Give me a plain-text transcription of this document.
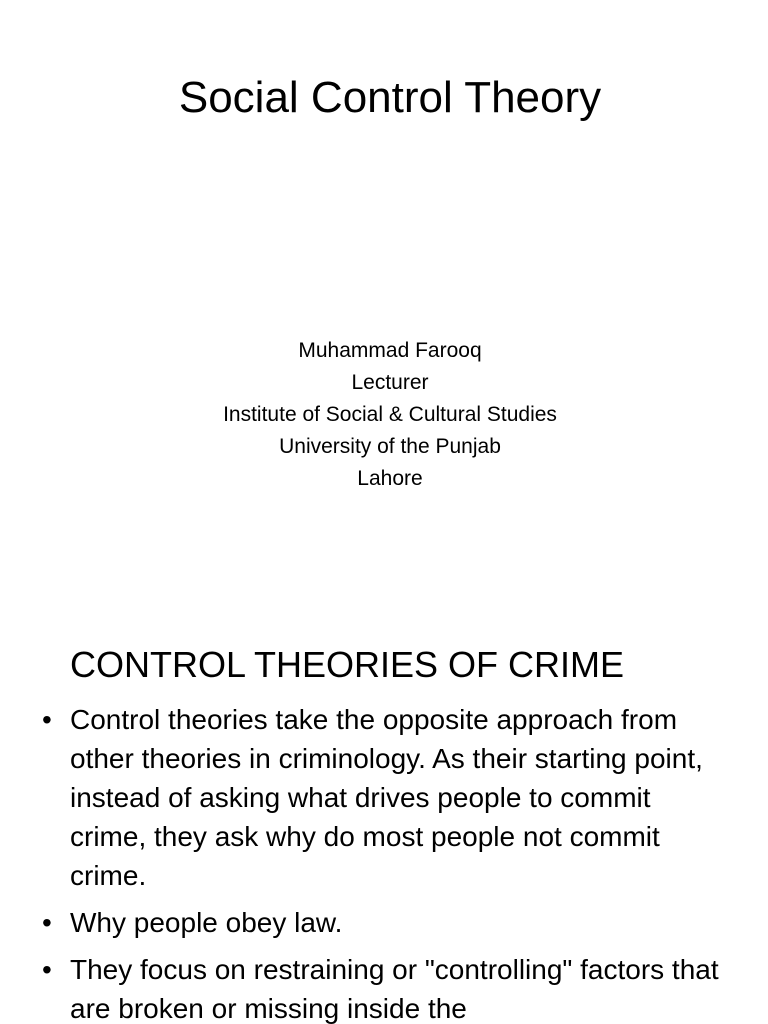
Social Control Theory
Muhammad Farooq
Lecturer
Institute of Social & Cultural Studies
University of the Punjab
Lahore
CONTROL THEORIES OF CRIME
• Control theories take the opposite approach from other theories in criminology. As their starting point, instead of asking what drives people to commit crime, they ask why do most people not commit crime.
• Why people obey law.
• They focus on restraining or "controlling" factors that are broken or missing inside the
